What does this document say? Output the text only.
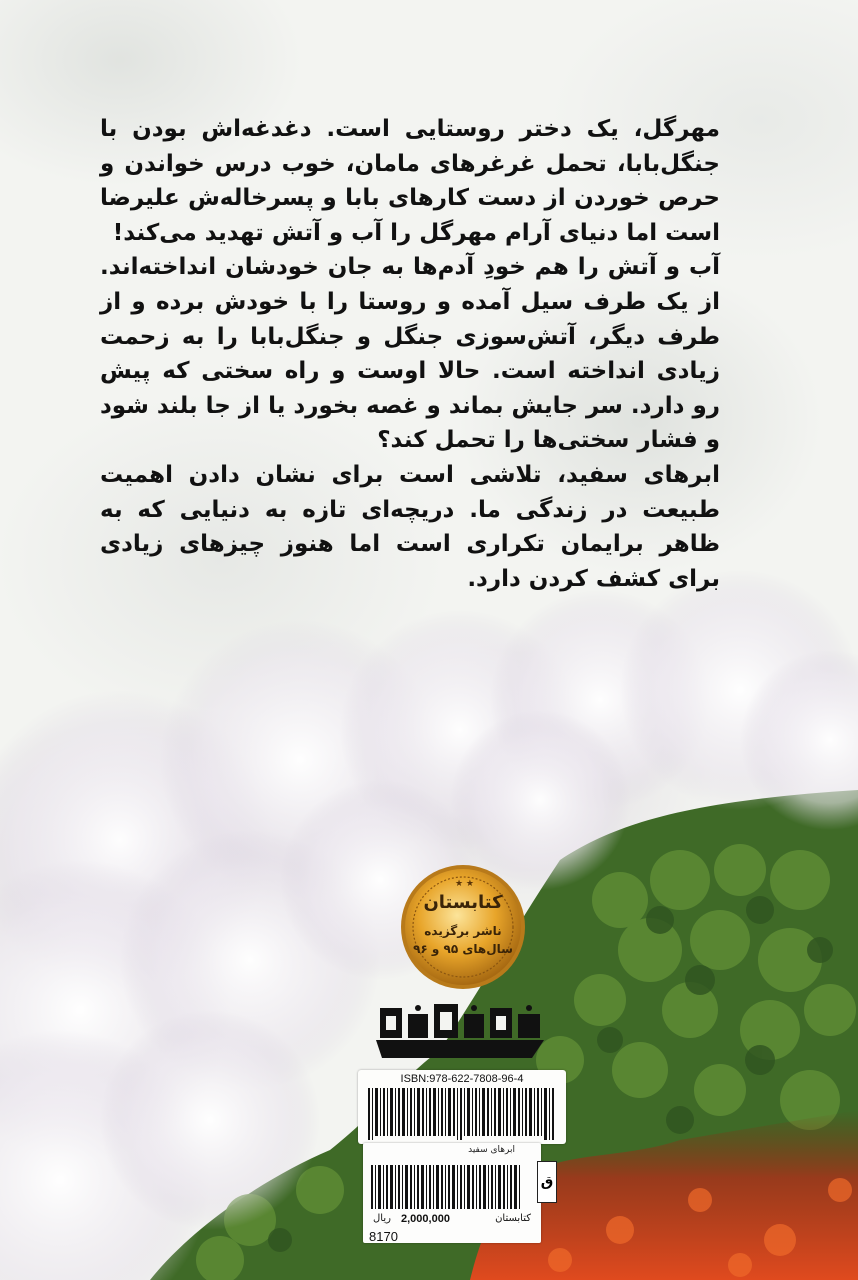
مهرگل، یک دختر روستایی است. دغدغه‌اش بودن با جنگل‌بابا، تحمل غرغرهای مامان، خوب درس خواندن و حرص خوردن از دست کارهای بابا و پسرخاله‌ش علیرضا است اما دنیای آرام مهرگل را آب و آتش تهدید می‌کند!

آب و آتش را هم خودِ آدم‌ها به جان خودشان انداخته‌اند. از یک طرف سیل آمده و روستا را با خودش برده و از طرف دیگر، آتش‌سوزی جنگل و جنگل‌بابا را به زحمت زیادی انداخته است. حالا اوست و راه سختی که پیش رو دارد. سر جایش بماند و غصه بخورد یا از جا بلند شود و فشار سختی‌ها را تحمل کند؟

ابرهای سفید، تلاشی است برای نشان دادن اهمیت طبیعت در زندگی ما. دریچه‌ای تازه به دنیایی که به ظاهر برایمان تکراری است اما هنوز چیزهای زیادی برای کشف کردن دارد.

★ ★
کتابستان
ناشر برگزیده
سال‌های ۹۵ و ۹۶
ISBN:978-622-7808-96-4
ابرهای سفید
ق
ریال 2,000,000	کتابستان
8170
